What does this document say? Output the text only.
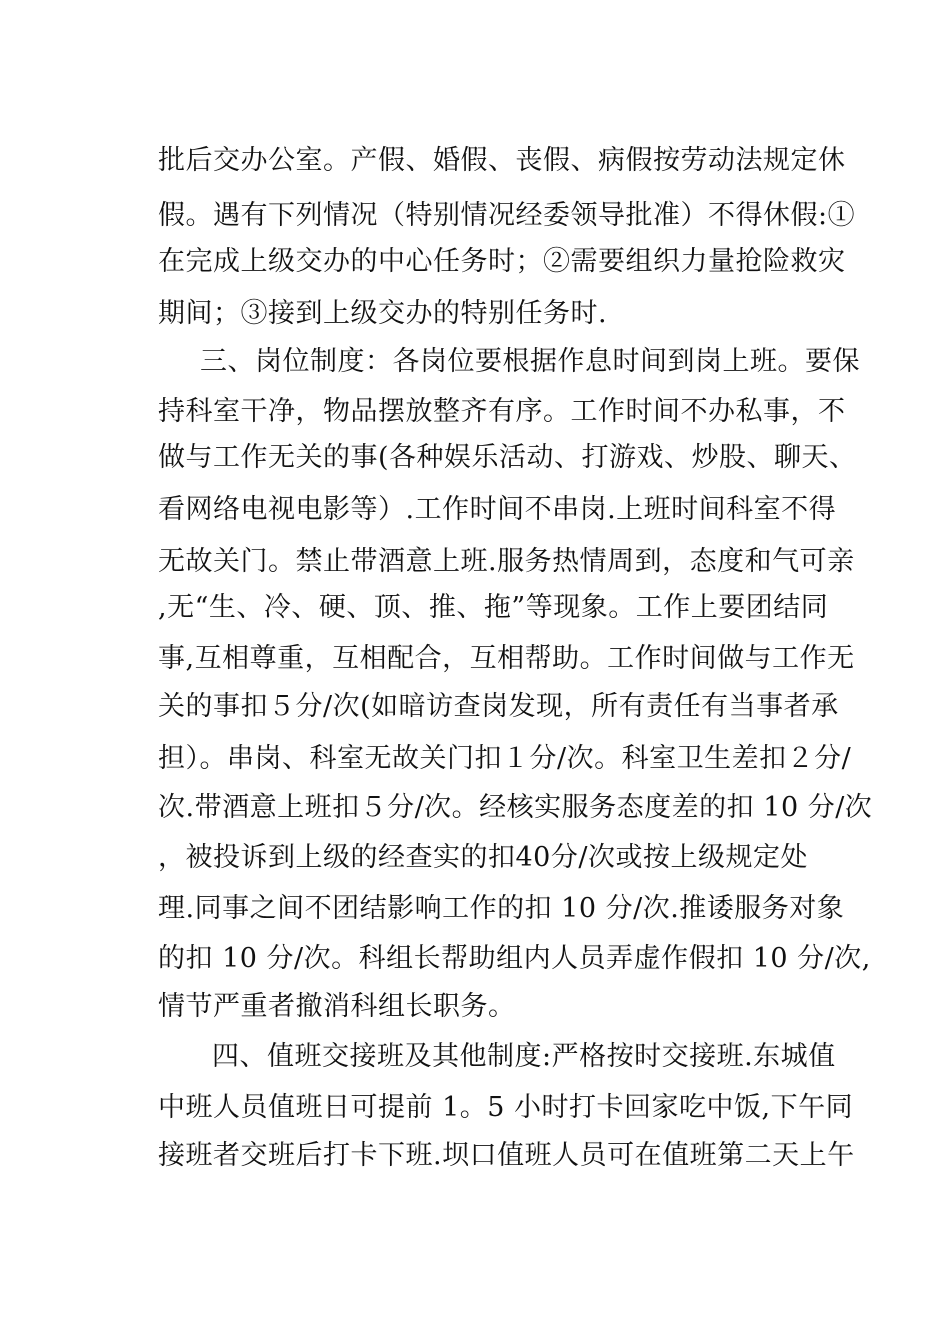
批后交办公室。产假、婚假、丧假、病假按劳动法规定休
假。遇有下列情况（特别情况经委领导批准）不得休假:①
在完成上级交办的中心任务时；②需要组织力量抢险救灾
期间；③接到上级交办的特别任务时.
三、岗位制度：各岗位要根据作息时间到岗上班。要保
持科室干净，物品摆放整齐有序。工作时间不办私事，不
做与工作无关的事(各种娱乐活动、打游戏、炒股、聊天、
看网络电视电影等）.工作时间不串岗.上班时间科室不得
无故关门。禁止带酒意上班.服务热情周到，态度和气可亲
,无“生、冷、硬、顶、推、拖”等现象。工作上要团结同
事,互相尊重，互相配合，互相帮助。工作时间做与工作无
关的事扣５分/次(如暗访查岗发现，所有责任有当事者承
担）。串岗、科室无故关门扣１分/次。科室卫生差扣２分/
次.带酒意上班扣５分/次。经核实服务态度差的扣 10 分/次
，被投诉到上级的经查实的扣40分/次或按上级规定处
理.同事之间不团结影响工作的扣 10 分/次.推诿服务对象
的扣 10 分/次。科组长帮助组内人员弄虚作假扣 10 分/次,
情节严重者撤消科组长职务。
四、值班交接班及其他制度:严格按时交接班.东城值
中班人员值班日可提前 1。5 小时打卡回家吃中饭,下午同
接班者交班后打卡下班.坝口值班人员可在值班第二天上午
